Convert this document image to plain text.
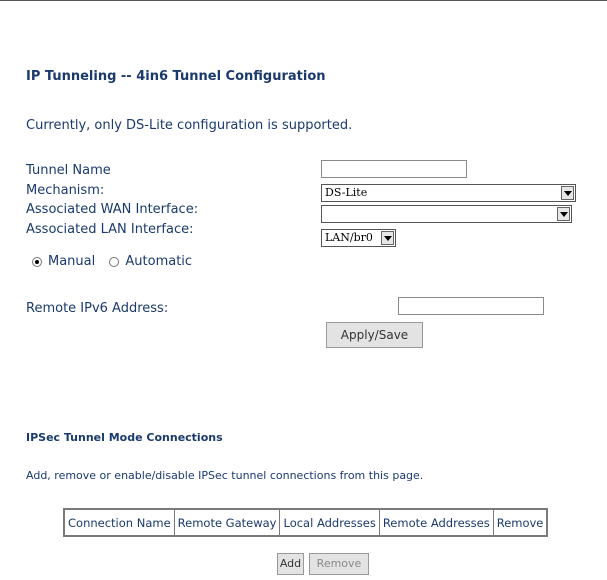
IP Tunneling -- 4in6 Tunnel Configuration
Currently, only DS-Lite configuration is supported.
Tunnel Name
Mechanism:	DS-Lite
Associated WAN Interface:
Associated LAN Interface:
LAN/br0
Manual Automatic
Remote IPv6 Address:
Apply/Save
IPSec Tunnel Mode Connections
Add, remove or enable/disable IPSec tunnel connections from this page.
Connection Name	Remote Gateway	Local Addresses	Remote Addresses	Remove
Add	Remove
